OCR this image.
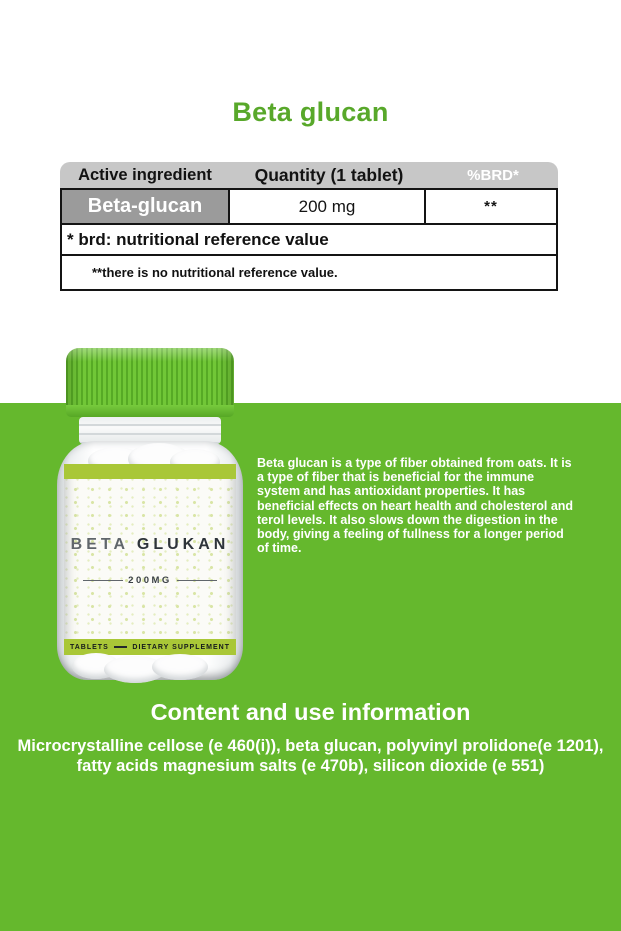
Beta glucan
Active ingredient	Quantity (1 tablet)	%BRD*
Beta-glucan	200 mg	**
* brd: nutritional reference value
**there is no nutritional reference value.
BETA GLUKAN
200MG
TABLETS	DIETARY SUPPLEMENT
Beta glucan is a type of fiber obtained from oats. It is a type of fiber that is beneficial for the immune system and has antioxidant properties. It has beneficial effects on heart health and cholesterol and terol levels. It also slows down the digestion in the body, giving a feeling of fullness for a longer period of time.
Content and use information
Microcrystalline cellose (e 460(i)), beta glucan, polyvinyl prolidone(e 1201), fatty acids magnesium salts (e 470b), silicon dioxide (e 551)
